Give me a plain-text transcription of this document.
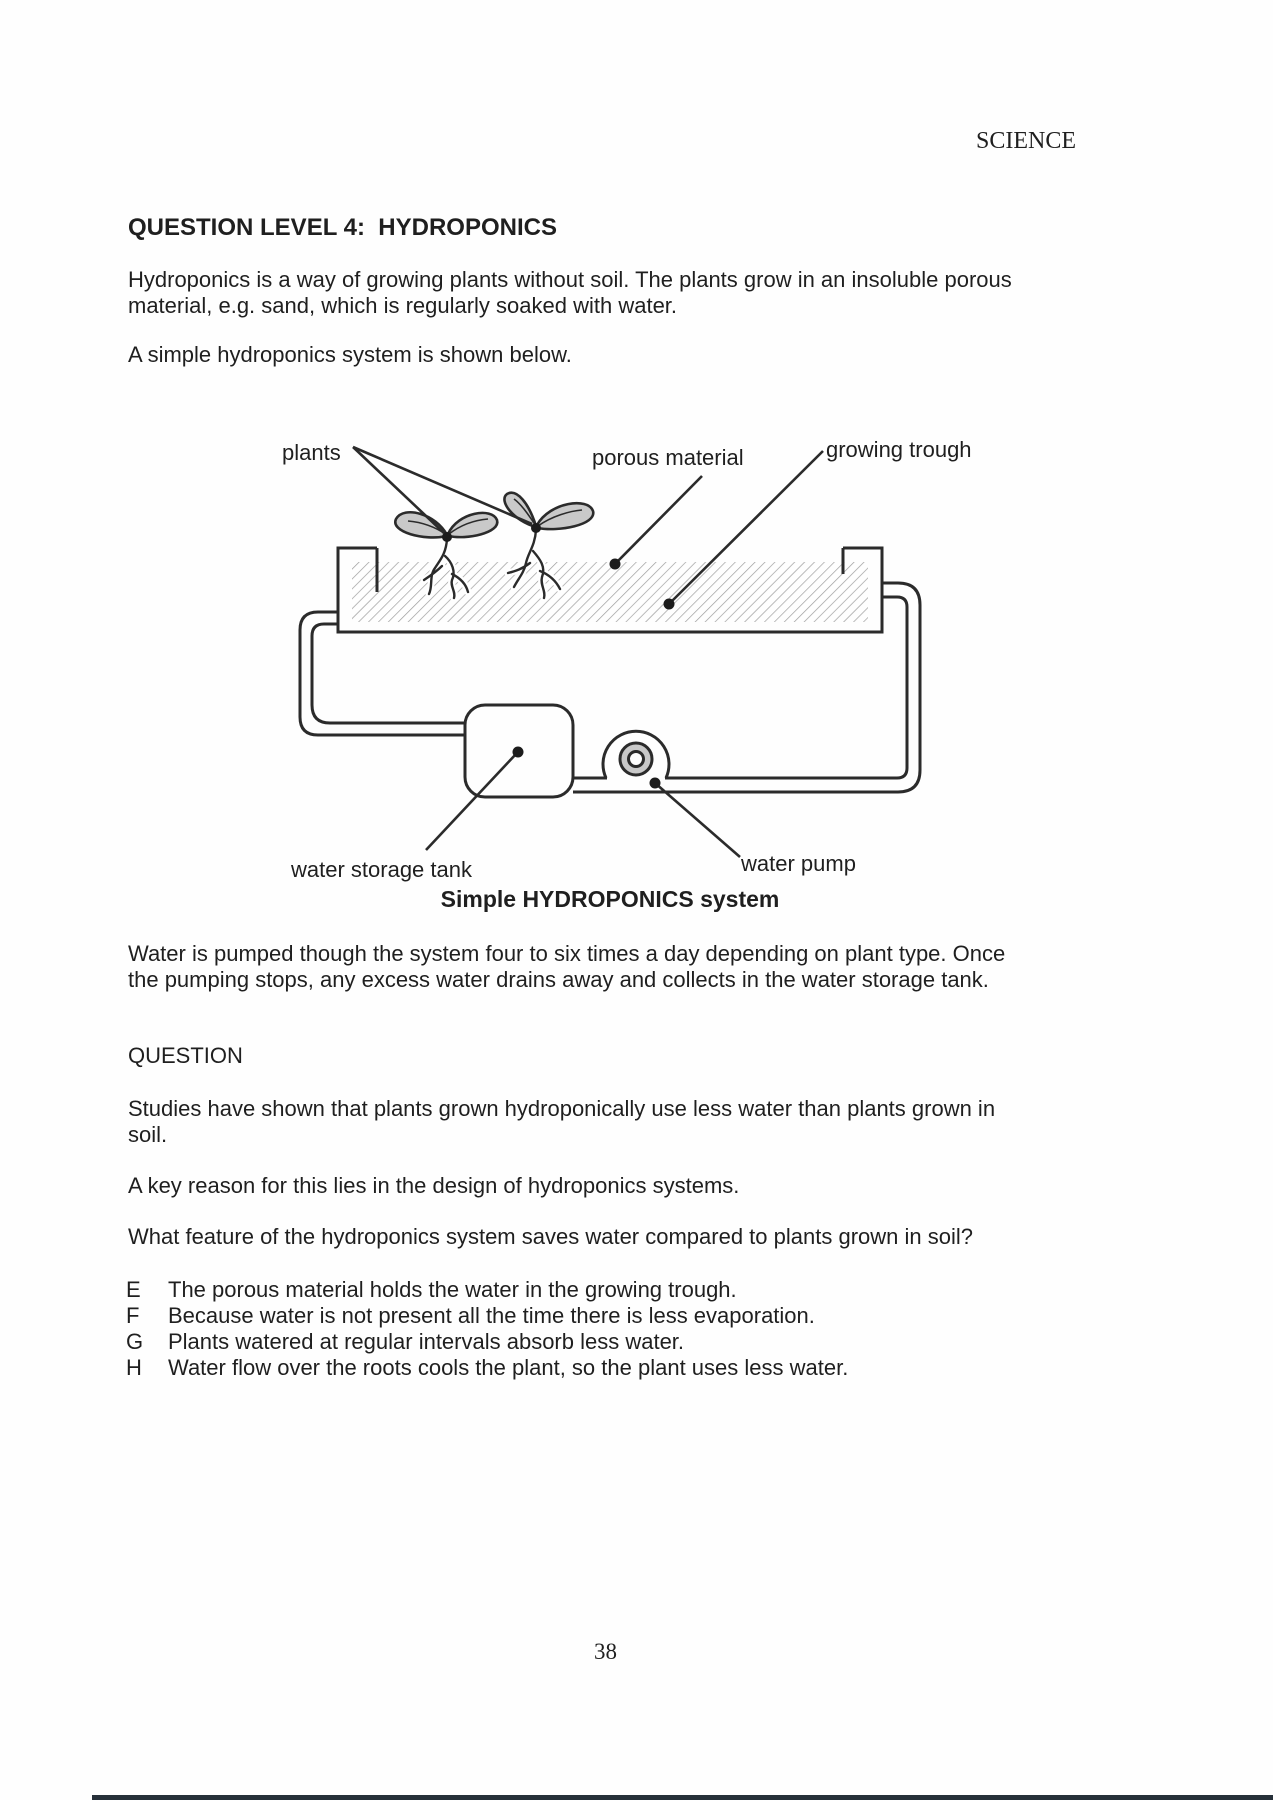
SCIENCE
QUESTION LEVEL 4:  HYDROPONICS
Hydroponics is a way of growing plants without soil. The plants grow in an insoluble porous
material, e.g. sand, which is regularly soaked with water.
A simple hydroponics system is shown below.
plants	porous material	growing trough
water storage tank	water pump
Simple HYDROPONICS system
Water is pumped though the system four to six times a day depending on plant type. Once
the pumping stops, any excess water drains away and collects in the water storage tank.
QUESTION
Studies have shown that plants grown hydroponically use less water than plants grown in
soil.
A key reason for this lies in the design of hydroponics systems.
What feature of the hydroponics system saves water compared to plants grown in soil?
E	The porous material holds the water in the growing trough.
F	Because water is not present all the time there is less evaporation.
G	Plants watered at regular intervals absorb less water.
H	Water flow over the roots cools the plant, so the plant uses less water.
38
